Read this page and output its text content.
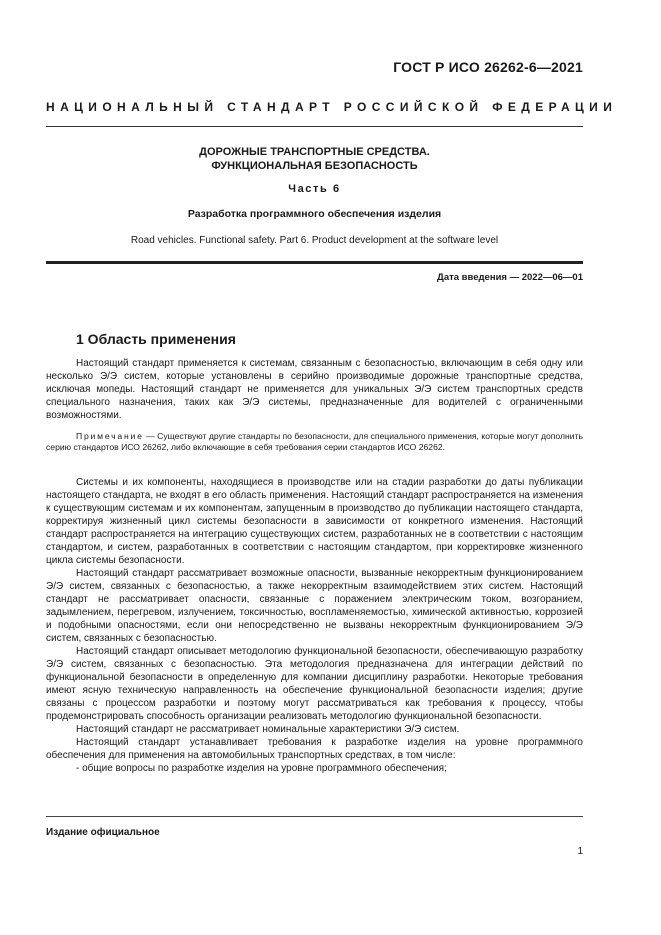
ГОСТ Р ИСО 26262-6—2021
НАЦИОНАЛЬНЫЙ СТАНДАРТ РОССИЙСКОЙ ФЕДЕРАЦИИ
ДОРОЖНЫЕ ТРАНСПОРТНЫЕ СРЕДСТВА.
ФУНКЦИОНАЛЬНАЯ БЕЗОПАСНОСТЬ
Часть 6
Разработка программного обеспечения изделия
Road vehicles. Functional safety. Part 6. Product development at the software level
Дата введения — 2022—06—01
1 Область применения

Настоящий стандарт применяется к системам, связанным с безопасностью, включающим в себя одну или несколько Э/Э систем, которые установлены в серийно производимые дорожные транспортные средства, исключая мопеды. Настоящий стандарт не применяется для уникальных Э/Э систем транспортных средств специального назначения, таких как Э/Э системы, предназначенные для водителей с ограниченными возможностями.

Примечание — Существуют другие стандарты по безопасности, для специального применения, которые могут дополнить серию стандартов ИСО 26262, либо включающие в себя требования серии стандартов ИСО 26262.

Системы и их компоненты, находящиеся в производстве или на стадии разработки до даты публикации настоящего стандарта, не входят в его область применения. Настоящий стандарт распространяется на изменения к существующим системам и их компонентам, запущенным в производство до публикации настоящего стандарта, корректируя жизненный цикл системы безопасности в зависимости от конкретного изменения. Настоящий стандарт распространяется на интеграцию существующих систем, разработанных не в соответствии с настоящим стандартом, и систем, разработанных в соответствии с настоящим стандартом, при корректировке жизненного цикла системы безопасности.

Настоящий стандарт рассматривает возможные опасности, вызванные некорректным функционированием Э/Э систем, связанных с безопасностью, а также некорректным взаимодействием этих систем. Настоящий стандарт не рассматривает опасности, связанные с поражением электрическим током, возгоранием, задымлением, перегревом, излучением, токсичностью, воспламеняемостью, химической активностью, коррозией и подобными опасностями, если они непосредственно не вызваны некорректным функционированием Э/Э систем, связанных с безопасностью.

Настоящий стандарт описывает методологию функциональной безопасности, обеспечивающую разработку Э/Э систем, связанных с безопасностью. Эта методология предназначена для интеграции действий по функциональной безопасности в определенную для компании дисциплину разработки. Некоторые требования имеют ясную техническую направленность на обеспечение функциональной безопасности изделия; другие связаны с процессом разработки и поэтому могут рассматриваться как требования к процессу, чтобы продемонстрировать способность организации реализовать методологию функциональной безопасности.

Настоящий стандарт не рассматривает номинальные характеристики Э/Э систем.

Настоящий стандарт устанавливает требования к разработке изделия на уровне программного обеспечения для применения на автомобильных транспортных средствах, в том числе:

- общие вопросы по разработке изделия на уровне программного обеспечения;

Издание официальное
1
